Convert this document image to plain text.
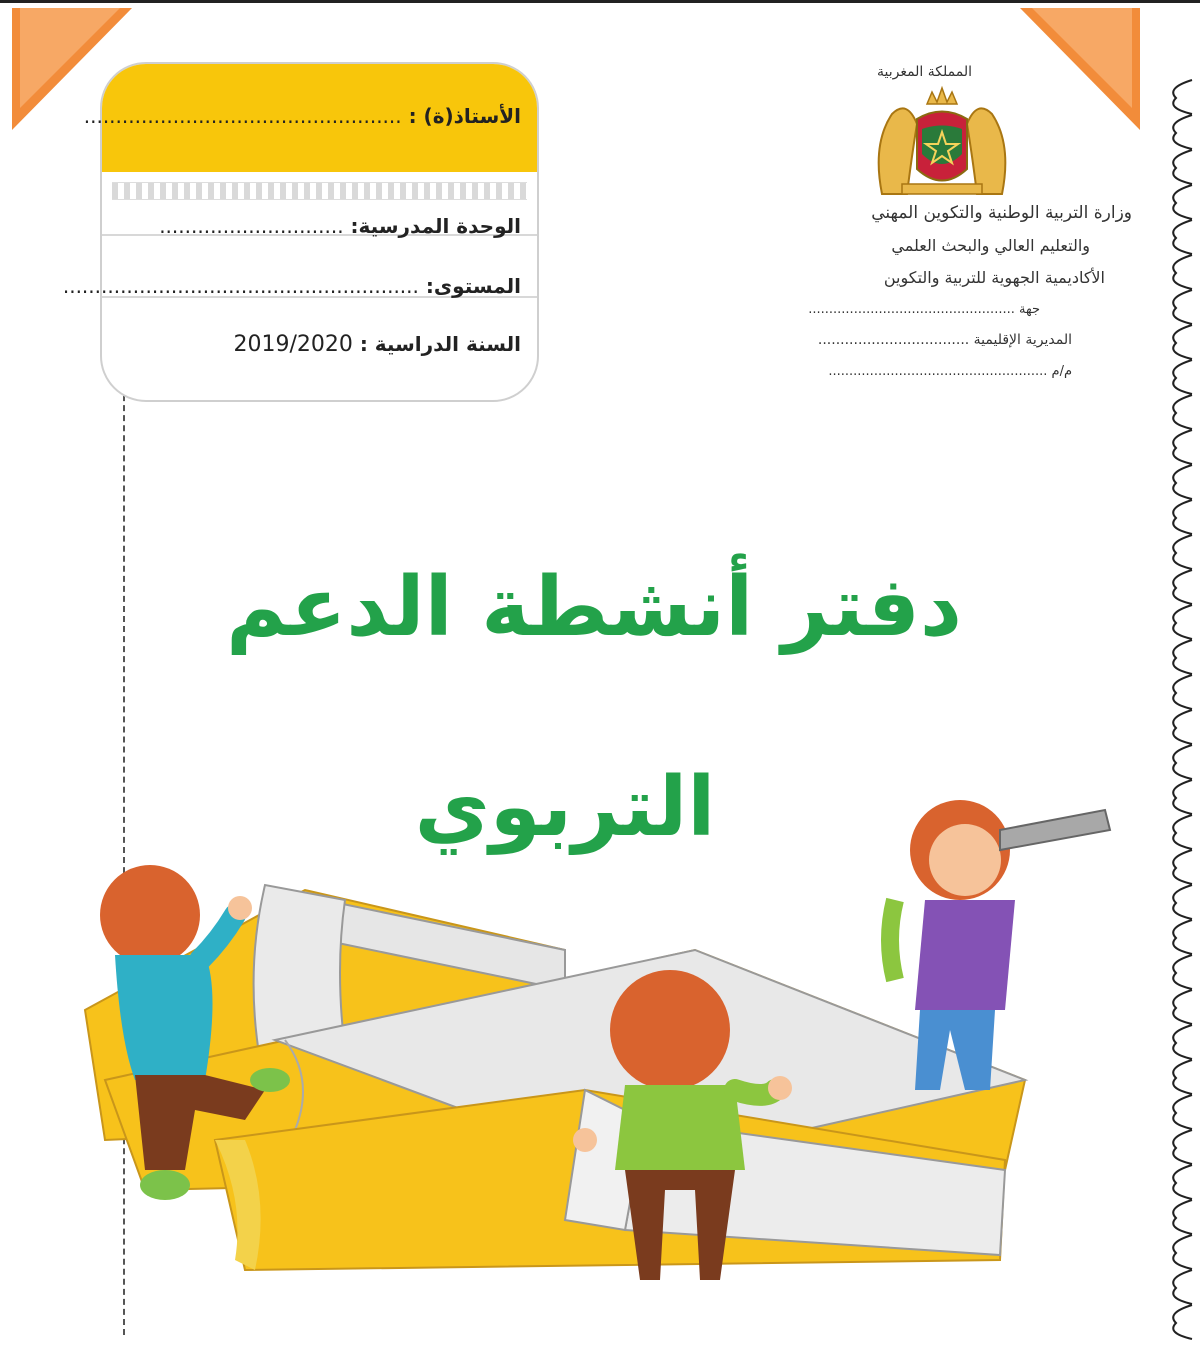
الأستاذ(ة) : ..................................................
الوحدة المدرسية: .............................
المستوى: ........................................................
السنة الدراسية : 2019/2020
المملكة المغربية
وزارة التربية الوطنية والتكوين المهني
والتعليم العالي والبحث العلمي
الأكاديمية الجهوية للتربية والتكوين
جهة ..................................................
المديرية الإقليمية ..................................
م/م .....................................................
دفتر أنشطة الدعم
التربوي
